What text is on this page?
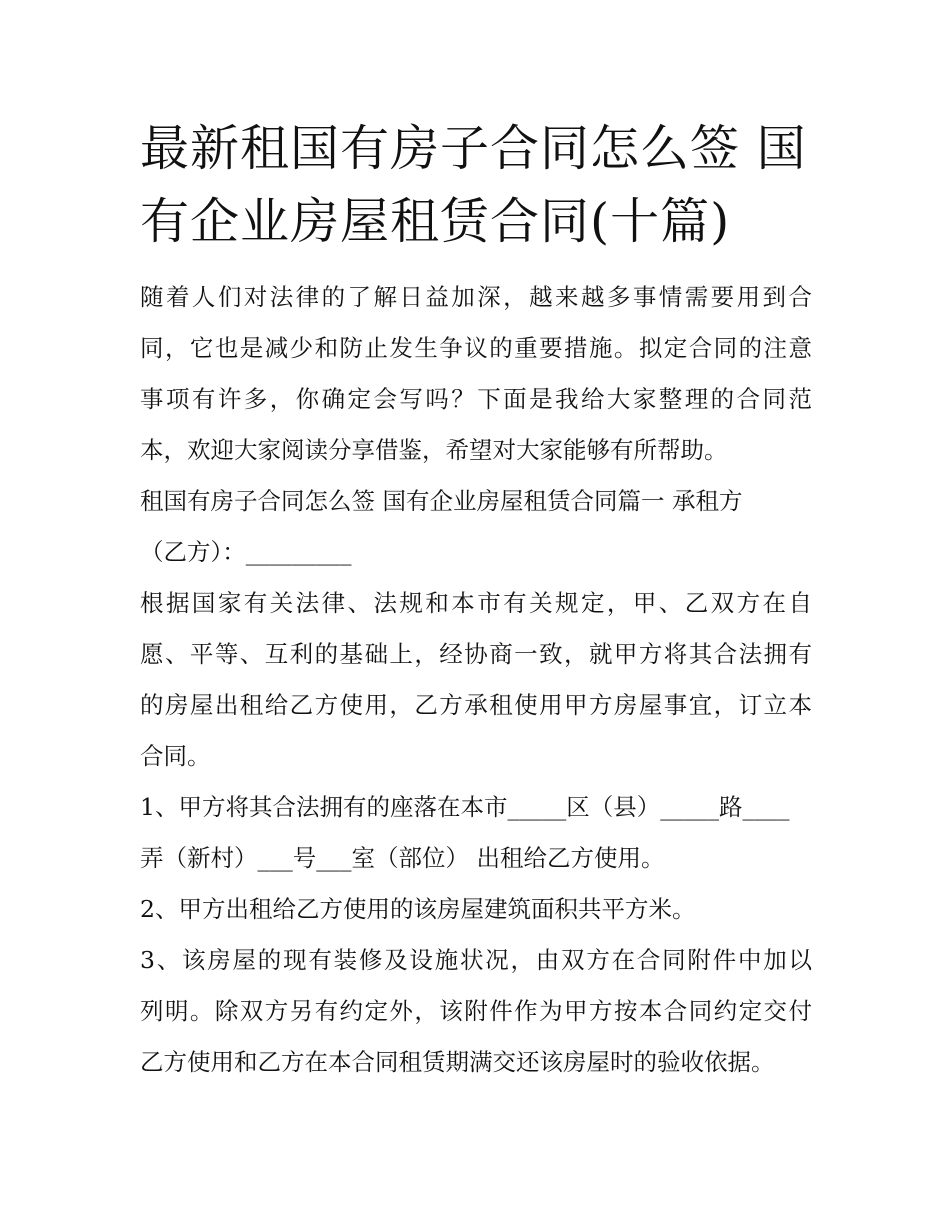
最新租国有房子合同怎么签 国
有企业房屋租赁合同(十篇)
随着人们对法律的了解日益加深，越来越多事情需要用到合
同，它也是减少和防止发生争议的重要措施。拟定合同的注意
事项有许多，你确定会写吗？下面是我给大家整理的合同范
本，欢迎大家阅读分享借鉴，希望对大家能够有所帮助。
租国有房子合同怎么签 国有企业房屋租赁合同篇一 承租方
（乙方）：_________
根据国家有关法律、法规和本市有关规定，甲、乙双方在自
愿、平等、互利的基础上，经协商一致，就甲方将其合法拥有
的房屋出租给乙方使用，乙方承租使用甲方房屋事宜，订立本
合同。
1、甲方将其合法拥有的座落在本市_____区（县）_____路____
弄（新村）___号___室（部位） 出租给乙方使用。
2、甲方出租给乙方使用的该房屋建筑面积共平方米。
3、该房屋的现有装修及设施状况，由双方在合同附件中加以
列明。除双方另有约定外，该附件作为甲方按本合同约定交付
乙方使用和乙方在本合同租赁期满交还该房屋时的验收依据。
